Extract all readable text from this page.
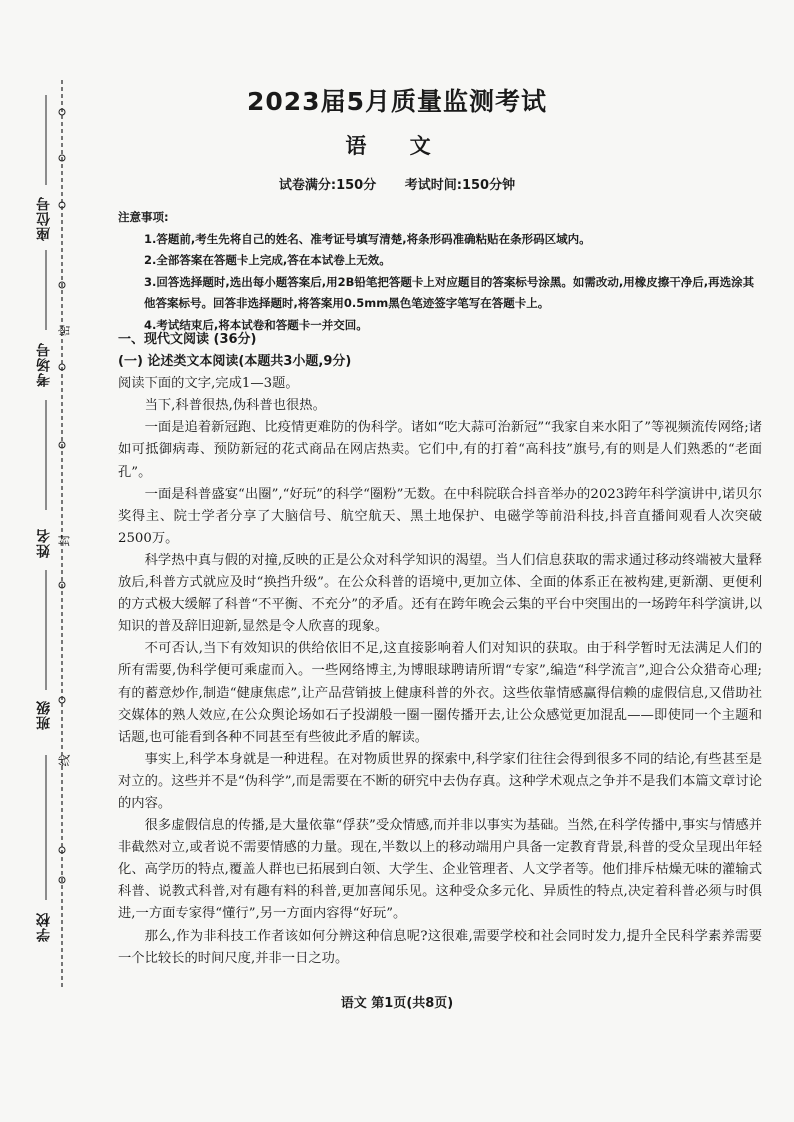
座位号
考场号
姓名
班级
学校
密
封
线
2023届5月质量监测考试
语 文
试卷满分:150分 考试时间:150分钟

注意事项:

1.答题前,考生先将自己的姓名、准考证号填写清楚,将条形码准确粘贴在条形码区域内。

2.全部答案在答题卡上完成,答在本试卷上无效。

3.回答选择题时,选出每小题答案后,用2B铅笔把答题卡上对应题目的答案标号涂黑。如需改动,用橡皮擦干净后,再选涂其他答案标号。回答非选择题时,将答案用0.5mm黑色笔迹签字笔写在答题卡上。

4.考试结束后,将本试卷和答题卡一并交回。

一、现代文阅读 (36分)

(一) 论述类文本阅读(本题共3小题,9分)

阅读下面的文字,完成1—3题。

当下,科普很热,伪科普也很热。

一面是追着新冠跑、比疫情更难防的伪科学。诸如“吃大蒜可治新冠”“我家自来水阳了”等视频流传网络;诸如可抵御病毒、预防新冠的花式商品在网店热卖。它们中,有的打着“高科技”旗号,有的则是人们熟悉的“老面孔”。

一面是科普盛宴“出圈”,“好玩”的科学“圈粉”无数。在中科院联合抖音举办的2023跨年科学演讲中,诺贝尔奖得主、院士学者分享了大脑信号、航空航天、黑土地保护、电磁学等前沿科技,抖音直播间观看人次突破2500万。

科学热中真与假的对撞,反映的正是公众对科学知识的渴望。当人们信息获取的需求通过移动终端被大量释放后,科普方式就应及时“换挡升级”。在公众科普的语境中,更加立体、全面的体系正在被构建,更新潮、更便利的方式极大缓解了科普“不平衡、不充分”的矛盾。还有在跨年晚会云集的平台中突围出的一场跨年科学演讲,以知识的普及辞旧迎新,显然是令人欣喜的现象。

不可否认,当下有效知识的供给依旧不足,这直接影响着人们对知识的获取。由于科学暂时无法满足人们的所有需要,伪科学便可乘虚而入。一些网络博主,为博眼球聘请所谓“专家”,编造“科学流言”,迎合公众猎奇心理;有的蓄意炒作,制造“健康焦虑”,让产品营销披上健康科普的外衣。这些依靠情感赢得信赖的虚假信息,又借助社交媒体的熟人效应,在公众舆论场如石子投湖般一圈一圈传播开去,让公众感觉更加混乱——即使同一个主题和话题,也可能看到各种不同甚至有些彼此矛盾的解读。

事实上,科学本身就是一种进程。在对物质世界的探索中,科学家们往往会得到很多不同的结论,有些甚至是对立的。这些并不是“伪科学”,而是需要在不断的研究中去伪存真。这种学术观点之争并不是我们本篇文章讨论的内容。

很多虚假信息的传播,是大量依靠“俘获”受众情感,而并非以事实为基础。当然,在科学传播中,事实与情感并非截然对立,或者说不需要情感的力量。现在,半数以上的移动端用户具备一定教育背景,科普的受众呈现出年轻化、高学历的特点,覆盖人群也已拓展到白领、大学生、企业管理者、人文学者等。他们排斥枯燥无味的灌输式科普、说教式科普,对有趣有料的科普,更加喜闻乐见。这种受众多元化、异质性的特点,决定着科普必须与时俱进,一方面专家得“懂行”,另一方面内容得“好玩”。

那么,作为非科技工作者该如何分辨这种信息呢?这很难,需要学校和社会同时发力,提升全民科学素养需要一个比较长的时间尺度,并非一日之功。

语文 第1页(共8页)
